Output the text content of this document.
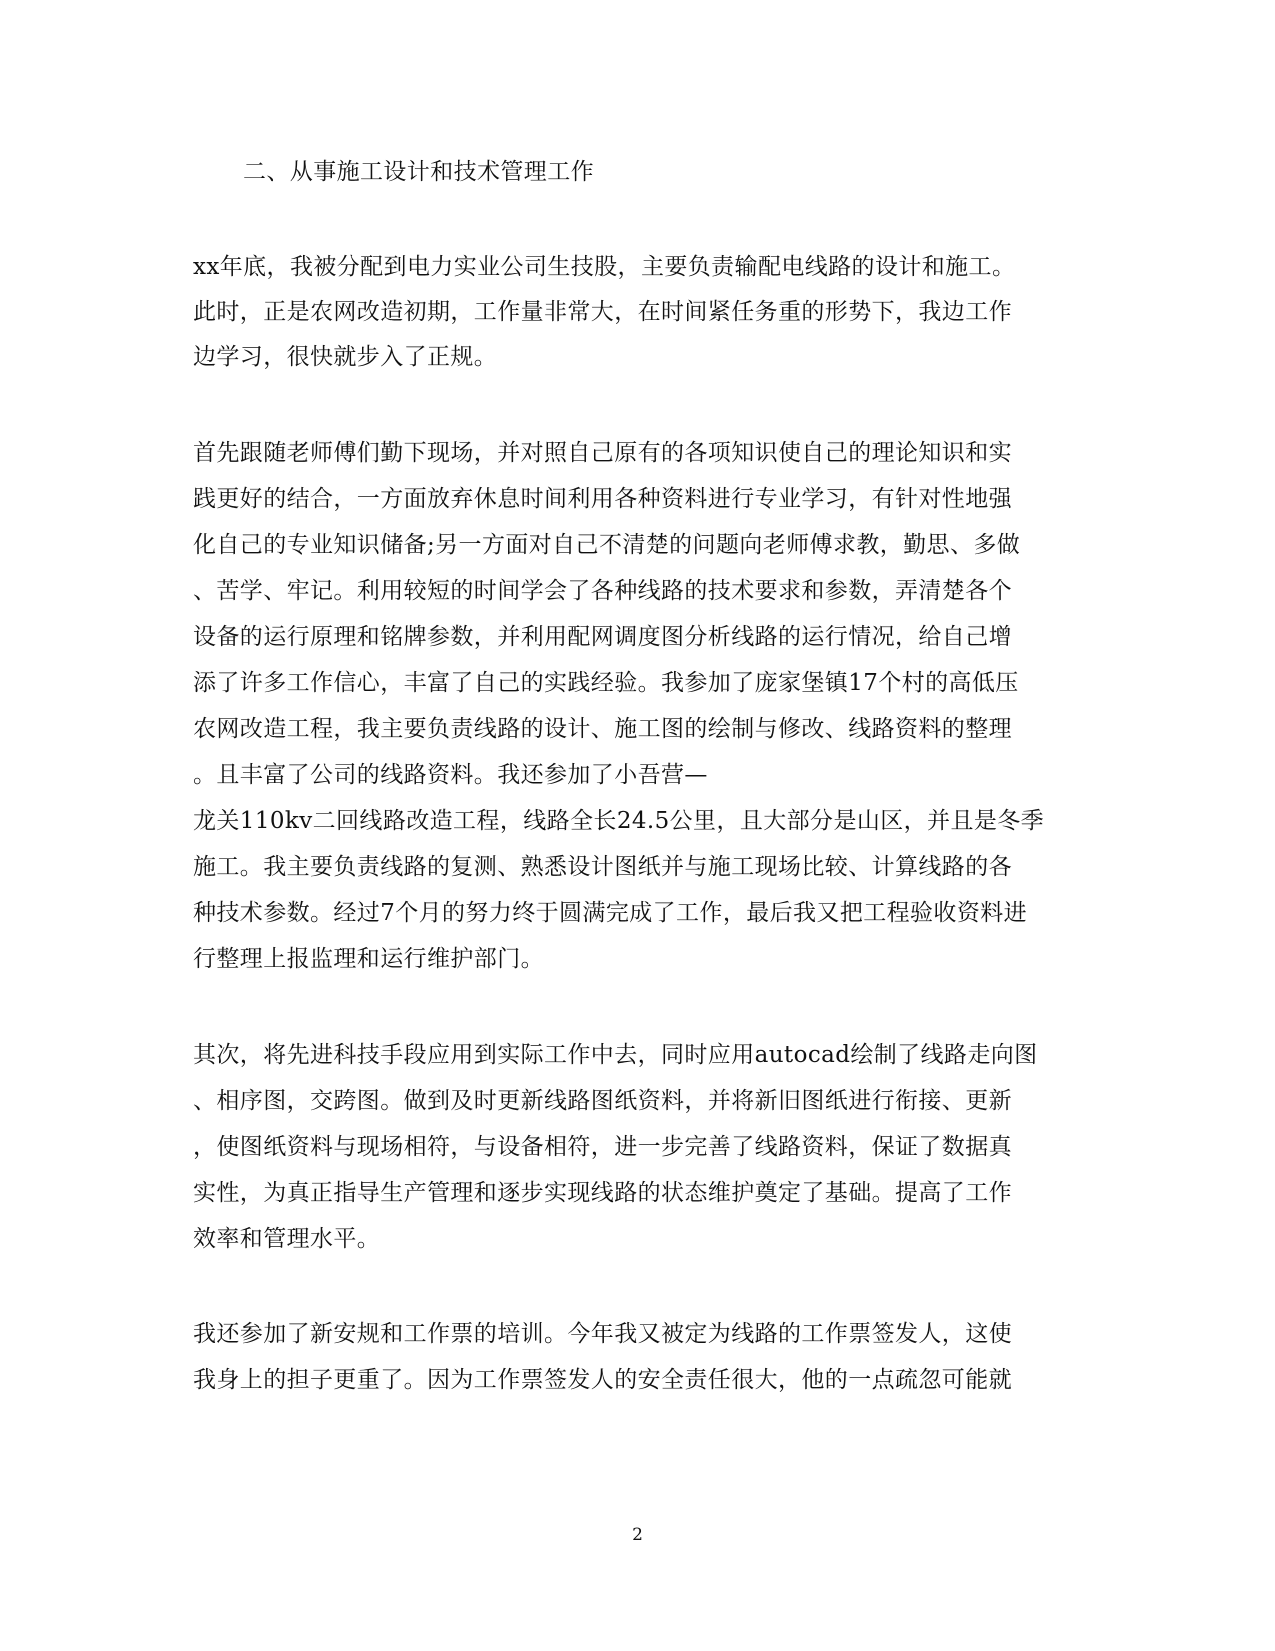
二、从事施工设计和技术管理工作
xx年底，我被分配到电力实业公司生技股，主要负责输配电线路的设计和施工。
此时，正是农网改造初期，工作量非常大，在时间紧任务重的形势下，我边工作
边学习，很快就步入了正规。
首先跟随老师傅们勤下现场，并对照自己原有的各项知识使自己的理论知识和实
践更好的结合，一方面放弃休息时间利用各种资料进行专业学习，有针对性地强
化自己的专业知识储备;另一方面对自己不清楚的问题向老师傅求教，勤思、多做
、苦学、牢记。利用较短的时间学会了各种线路的技术要求和参数，弄清楚各个
设备的运行原理和铭牌参数，并利用配网调度图分析线路的运行情况，给自己增
添了许多工作信心，丰富了自己的实践经验。我参加了庞家堡镇17个村的高低压
农网改造工程，我主要负责线路的设计、施工图的绘制与修改、线路资料的整理
。且丰富了公司的线路资料。我还参加了小吾营—
龙关110kv二回线路改造工程，线路全长24.5公里，且大部分是山区，并且是冬季
施工。我主要负责线路的复测、熟悉设计图纸并与施工现场比较、计算线路的各
种技术参数。经过7个月的努力终于圆满完成了工作，最后我又把工程验收资料进
行整理上报监理和运行维护部门。
其次，将先进科技手段应用到实际工作中去，同时应用autocad绘制了线路走向图
、相序图，交跨图。做到及时更新线路图纸资料，并将新旧图纸进行衔接、更新
，使图纸资料与现场相符，与设备相符，进一步完善了线路资料，保证了数据真
实性，为真正指导生产管理和逐步实现线路的状态维护奠定了基础。提高了工作
效率和管理水平。
我还参加了新安规和工作票的培训。今年我又被定为线路的工作票签发人，这使
我身上的担子更重了。因为工作票签发人的安全责任很大，他的一点疏忽可能就
2
